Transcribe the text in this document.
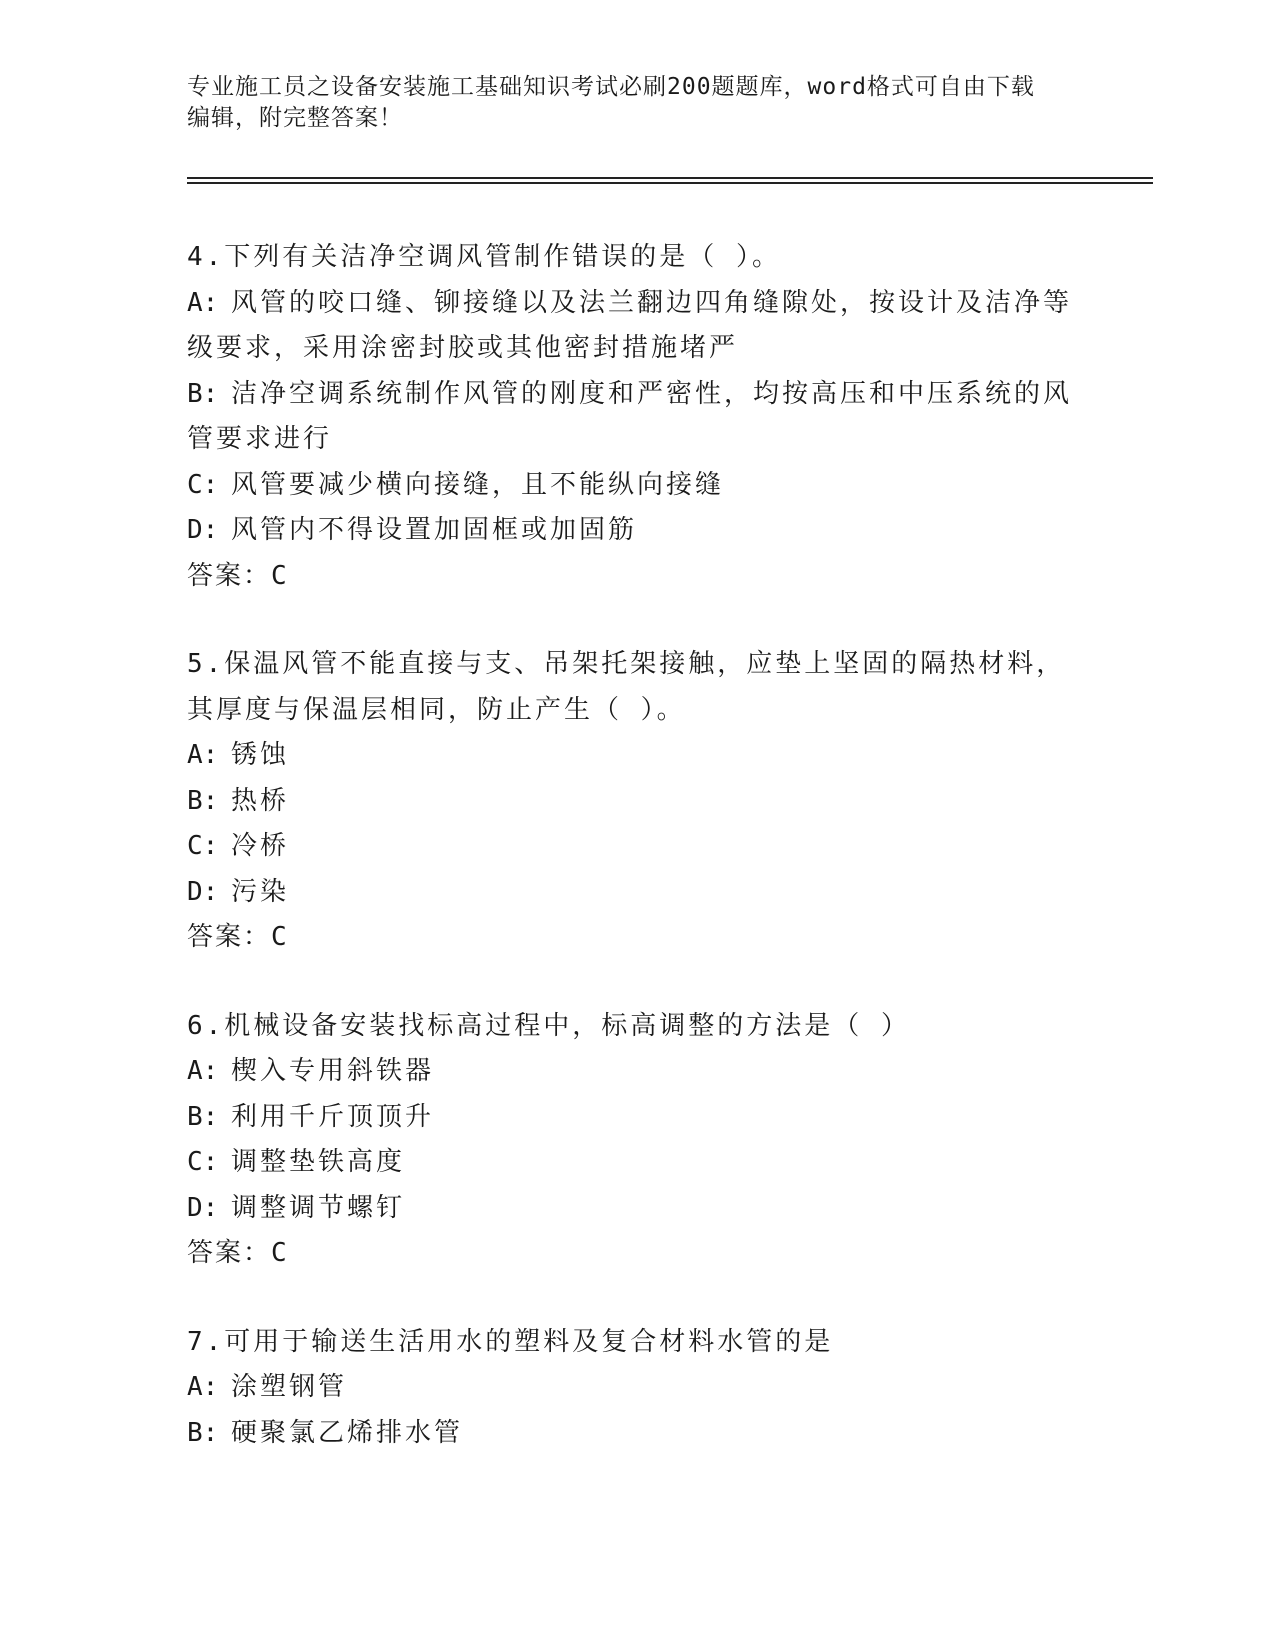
专业施工员之设备安装施工基础知识考试必刷200题题库，word格式可自由下载
编辑，附完整答案！

4.下列有关洁净空调风管制作错误的是（ ）。

A: 风管的咬口缝、铆接缝以及法兰翻边四角缝隙处，按设计及洁净等

级要求，采用涂密封胶或其他密封措施堵严

B: 洁净空调系统制作风管的刚度和严密性，均按高压和中压系统的风

管要求进行

C: 风管要减少横向接缝，且不能纵向接缝

D: 风管内不得设置加固框或加固筋

答案：C

5.保温风管不能直接与支、吊架托架接触，应垫上坚固的隔热材料，

其厚度与保温层相同，防止产生（ ）。

A: 锈蚀

B: 热桥

C: 冷桥

D: 污染

答案：C

6.机械设备安装找标高过程中，标高调整的方法是（ ）

A: 楔入专用斜铁器

B: 利用千斤顶顶升

C: 调整垫铁高度

D: 调整调节螺钉

答案：C

7.可用于输送生活用水的塑料及复合材料水管的是

A: 涂塑钢管

B: 硬聚氯乙烯排水管
